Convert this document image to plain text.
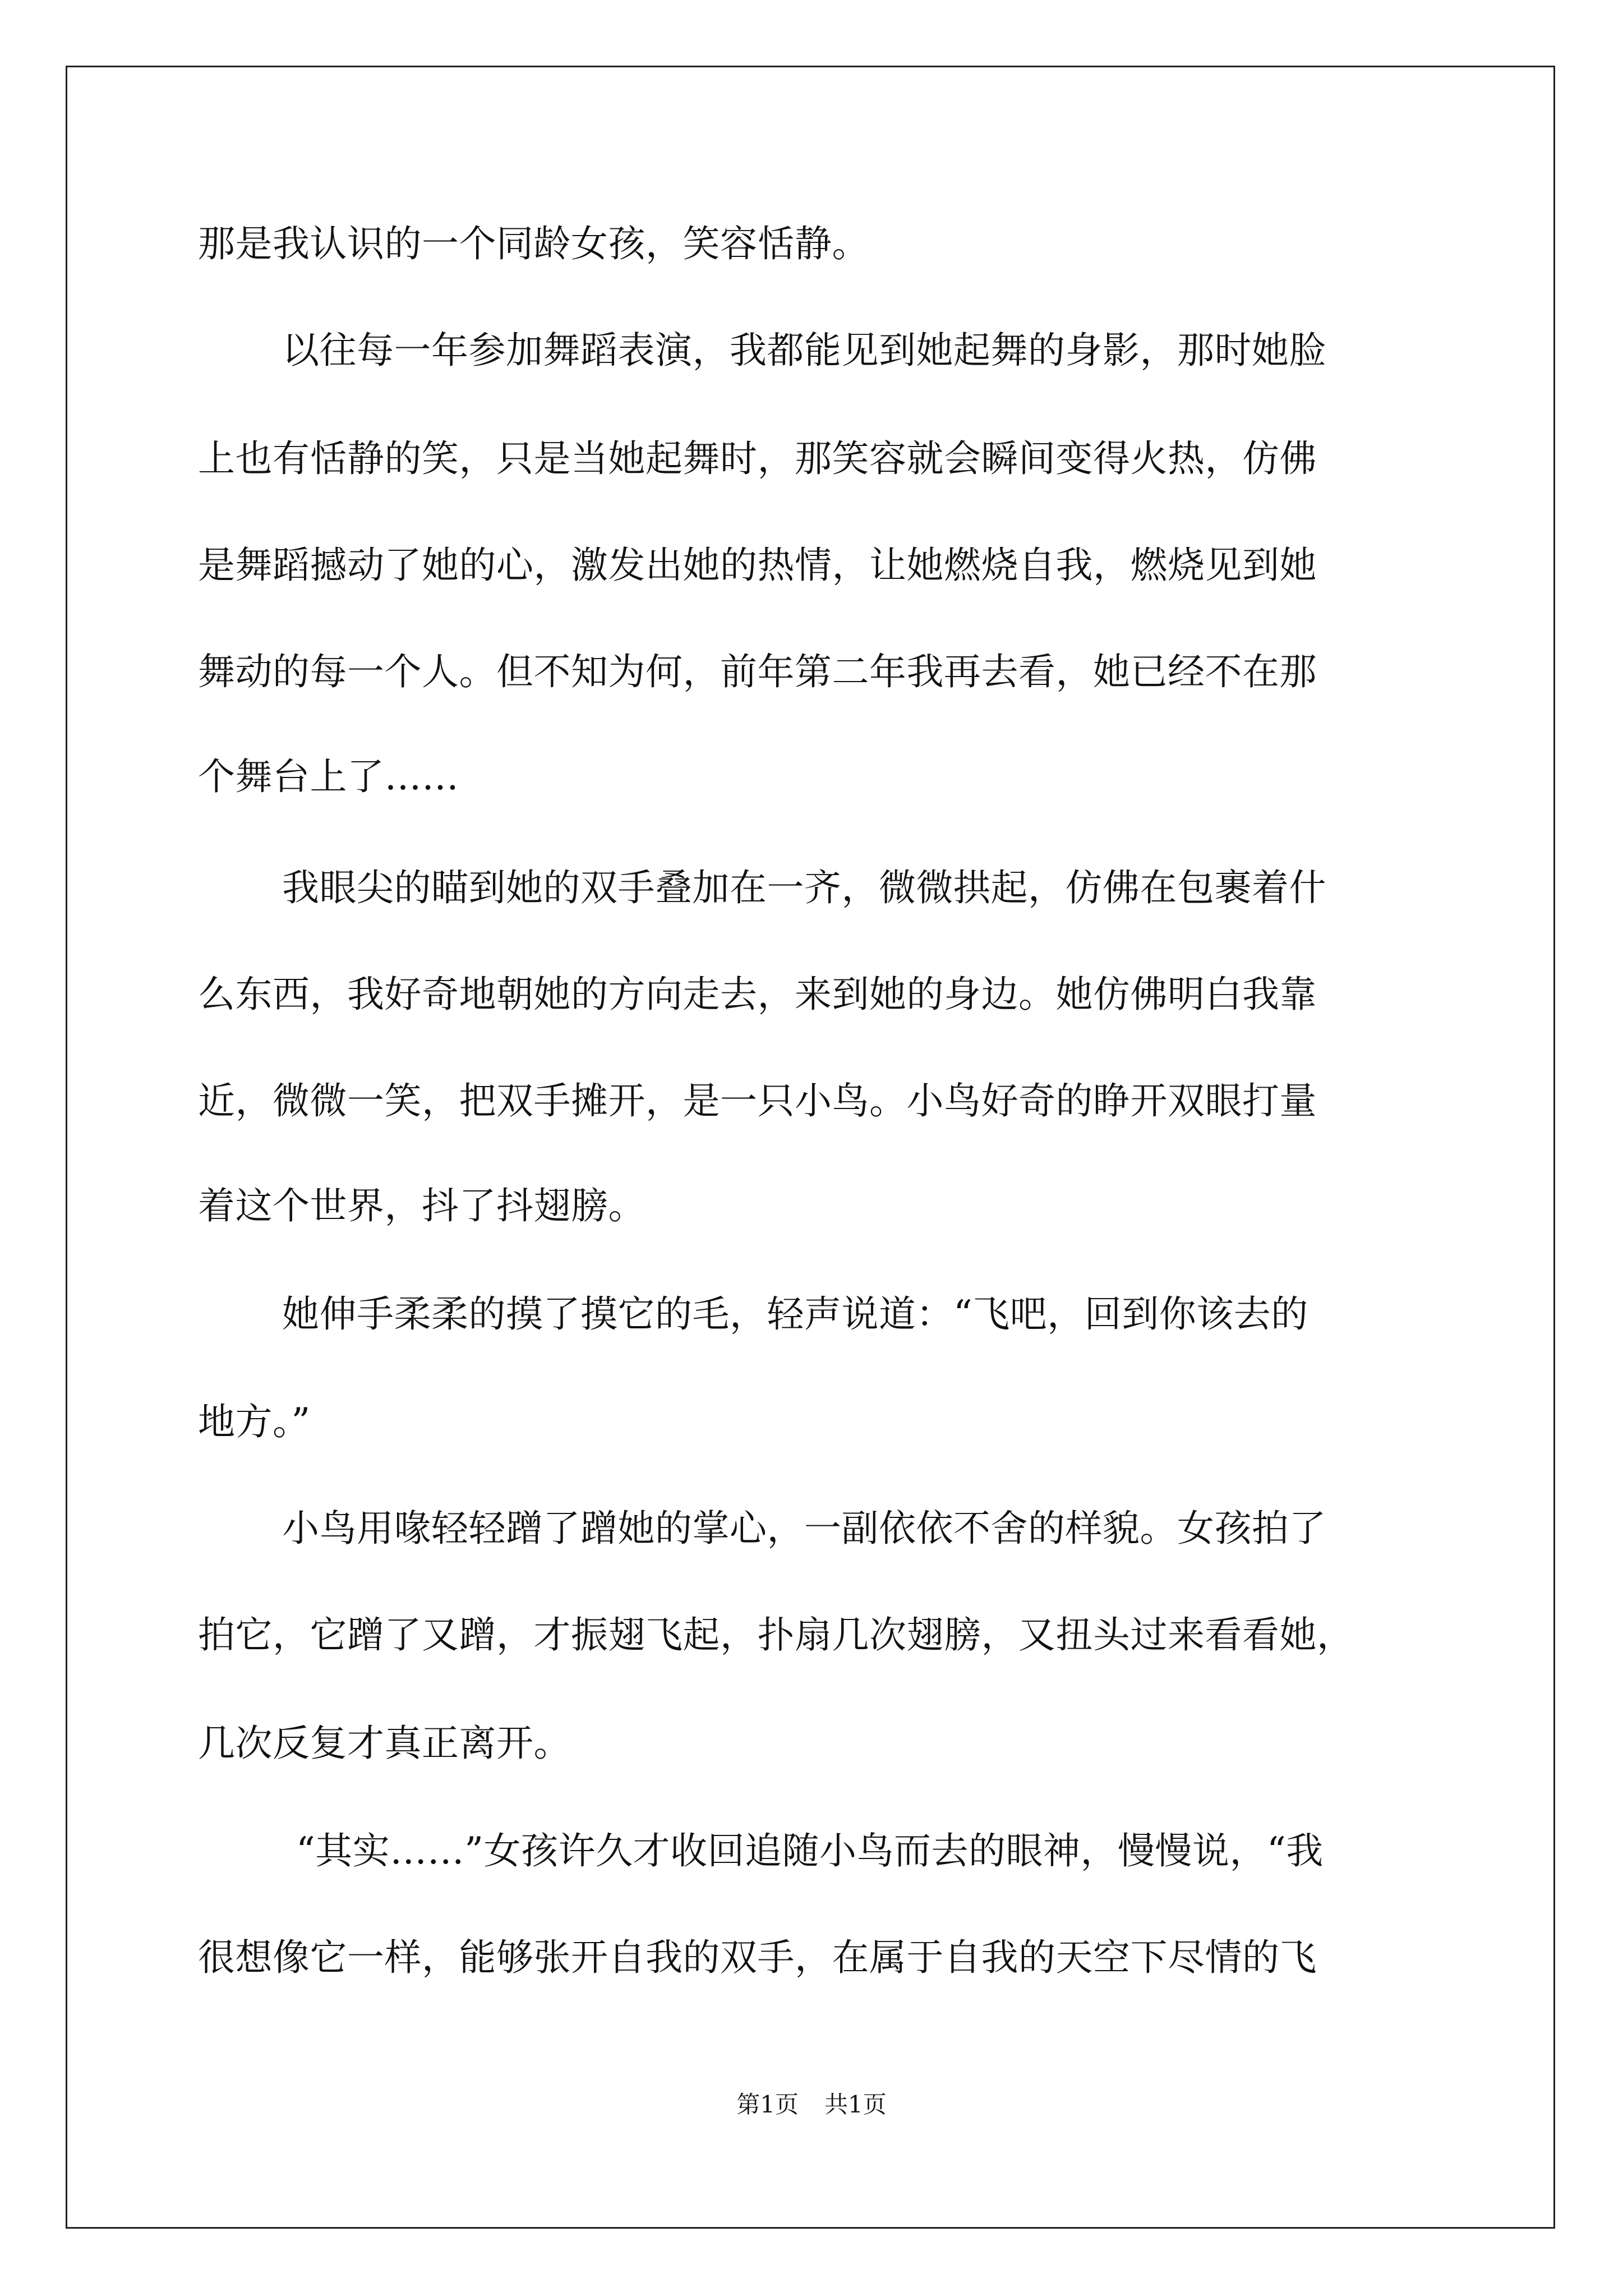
那是我认识的一个同龄女孩，笑容恬静。
以往每一年参加舞蹈表演，我都能见到她起舞的身影，那时她脸
上也有恬静的笑，只是当她起舞时，那笑容就会瞬间变得火热，仿佛
是舞蹈撼动了她的心，激发出她的热情，让她燃烧自我，燃烧见到她
舞动的每一个人。但不知为何，前年第二年我再去看，她已经不在那
个舞台上了……
我眼尖的瞄到她的双手叠加在一齐，微微拱起，仿佛在包裹着什
么东西，我好奇地朝她的方向走去，来到她的身边。她仿佛明白我靠
近，微微一笑，把双手摊开，是一只小鸟。小鸟好奇的睁开双眼打量
着这个世界，抖了抖翅膀。
她伸手柔柔的摸了摸它的毛，轻声说道：“飞吧，回到你该去的
地方。”
小鸟用喙轻轻蹭了蹭她的掌心，一副依依不舍的样貌。女孩拍了
拍它，它蹭了又蹭，才振翅飞起，扑扇几次翅膀，又扭头过来看看她，
几次反复才真正离开。
“其实……”女孩许久才收回追随小鸟而去的眼神，慢慢说，“我
很想像它一样，能够张开自我的双手，在属于自我的天空下尽情的飞
第1页 共1页
